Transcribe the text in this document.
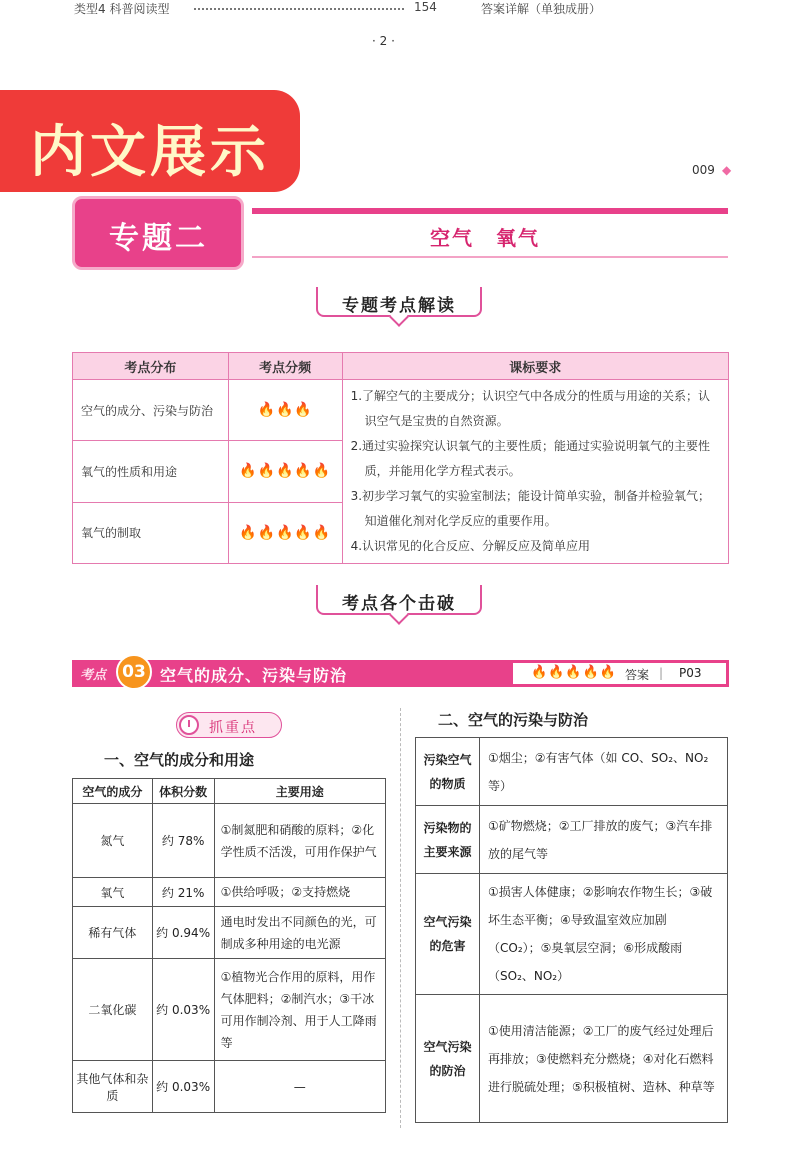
类型4 科普阅读型	154	答案详解（单独成册）
· 2 ·
内文展示	009 ◆
专题二	空气　氧气
专题考点解读
考点分布	考点分频	课标要求
空气的成分、污染与防治	🔥🔥🔥	1.了解空气的主要成分；认识空气中各成分的性质与用途的关系；认识空气是宝贵的自然资源。
2.通过实验探究认识氧气的主要性质；能通过实验说明氧气的主要性质，并能用化学方程式表示。
3.初步学习氧气的实验室制法；能设计简单实验，制备并检验氧气；知道催化剂对化学反应的重要作用。
4.认识常见的化合反应、分解反应及简单应用

氧气的性质和用途	🔥🔥🔥🔥🔥	
氧气的制取	🔥🔥🔥🔥🔥	
考点各个击破
考点 03 空气的成分、污染与防治	🔥🔥🔥🔥🔥 答案 | P03
抓重点
一、空气的成分和用途
二、空气的污染与防治
空气的成分	体积分数	主要用途
氮气	约 78%	①制氮肥和硝酸的原料；②化学性质不活泼，可用作保护气
氧气	约 21%	①供给呼吸；②支持燃烧
稀有气体	约 0.94%	通电时发出不同颜色的光，可制成多种用途的电光源
二氧化碳	约 0.03%	①植物光合作用的原料，用作气体肥料；②制汽水；③干冰可用作制冷剂、用于人工降雨等
其他气体和杂质	约 0.03%	—
污染空气的物质	①烟尘；②有害气体（如 CO、SO₂、NO₂ 等）
污染物的主要来源	①矿物燃烧；②工厂排放的废气；③汽车排放的尾气等
空气污染的危害	①损害人体健康；②影响农作物生长；③破坏生态平衡；④导致温室效应加剧（CO₂）；⑤臭氧层空洞；⑥形成酸雨（SO₂、NO₂）
空气污染的防治	①使用清洁能源；②工厂的废气经过处理后再排放；③使燃料充分燃烧；④对化石燃料进行脱硫处理；⑤积极植树、造林、种草等
